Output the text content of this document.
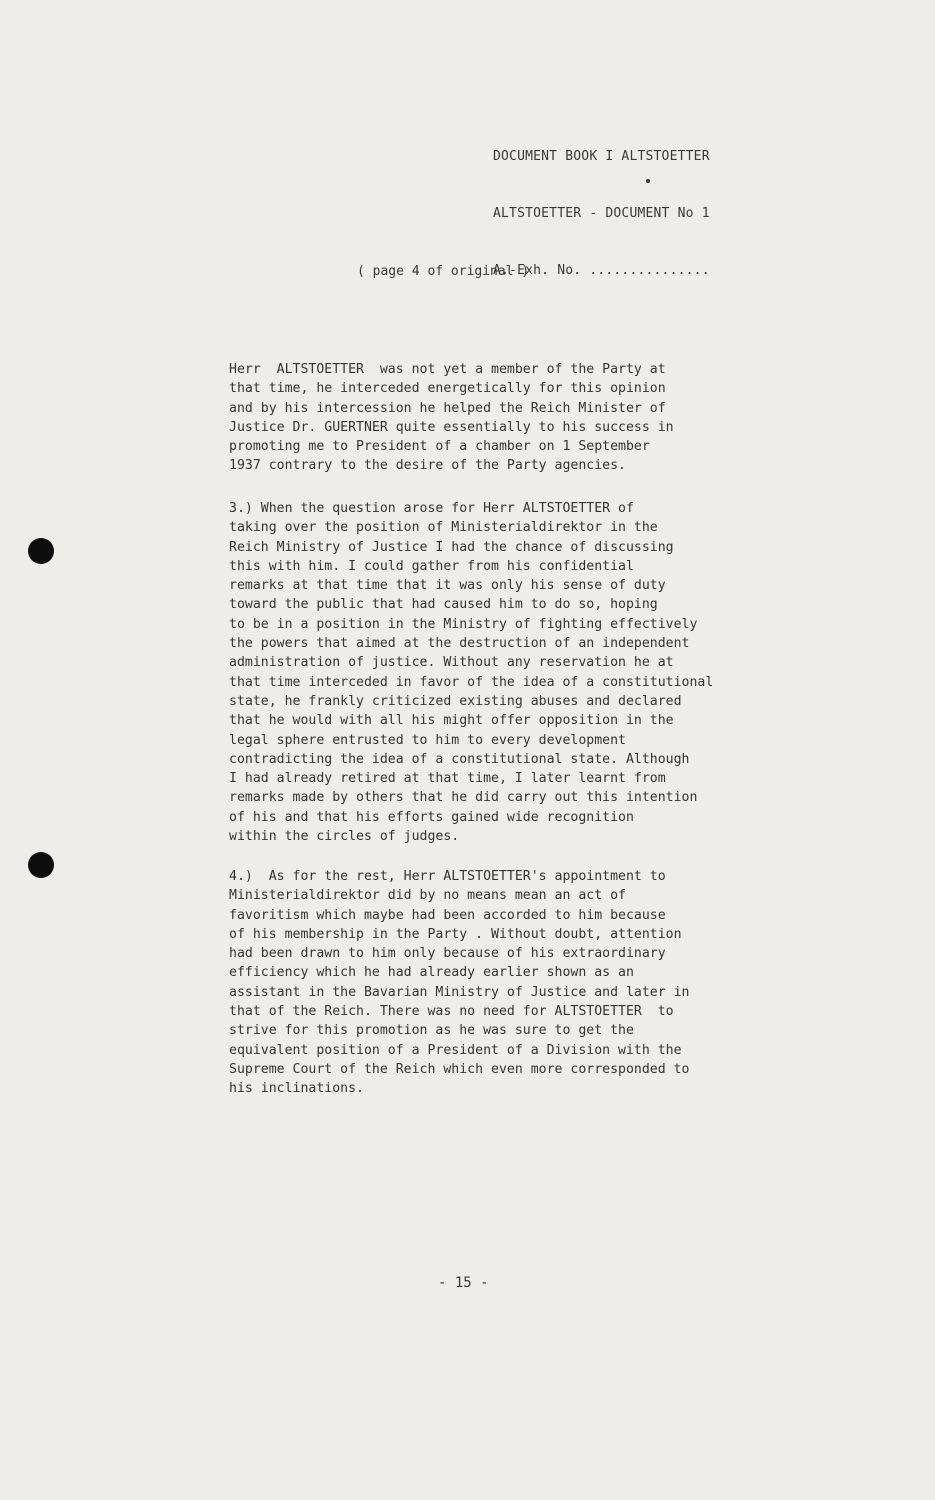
DOCUMENT BOOK I ALTSTOETTER

ALTSTOETTER - DOCUMENT No 1

A.-Exh. No. ...............

( page 4 of original )
Herr  ALTSTOETTER  was not yet a member of the Party at
that time, he interceded energetically for this opinion
and by his intercession he helped the Reich Minister of
Justice Dr. GUERTNER quite essentially to his success in
promoting me to President of a chamber on 1 September
1937 contrary to the desire of the Party agencies.
3.) When the question arose for Herr ALTSTOETTER of
taking over the position of Ministerialdirektor in the
Reich Ministry of Justice I had the chance of discussing
this with him. I could gather from his confidential
remarks at that time that it was only his sense of duty
toward the public that had caused him to do so, hoping
to be in a position in the Ministry of fighting effectively
the powers that aimed at the destruction of an independent
administration of justice. Without any reservation he at
that time interceded in favor of the idea of a constitutional
state, he frankly criticized existing abuses and declared
that he would with all his might offer opposition in the
legal sphere entrusted to him to every development
contradicting the idea of a constitutional state. Although
I had already retired at that time, I later learnt from
remarks made by others that he did carry out this intention
of his and that his efforts gained wide recognition
within the circles of judges.
4.)  As for the rest, Herr ALTSTOETTER's appointment to
Ministerialdirektor did by no means mean an act of
favoritism which maybe had been accorded to him because
of his membership in the Party . Without doubt, attention
had been drawn to him only because of his extraordinary
efficiency which he had already earlier shown as an
assistant in the Bavarian Ministry of Justice and later in
that of the Reich. There was no need for ALTSTOETTER  to
strive for this promotion as he was sure to get the
equivalent position of a President of a Division with the
Supreme Court of the Reich which even more corresponded to
his inclinations.
- 15 -
